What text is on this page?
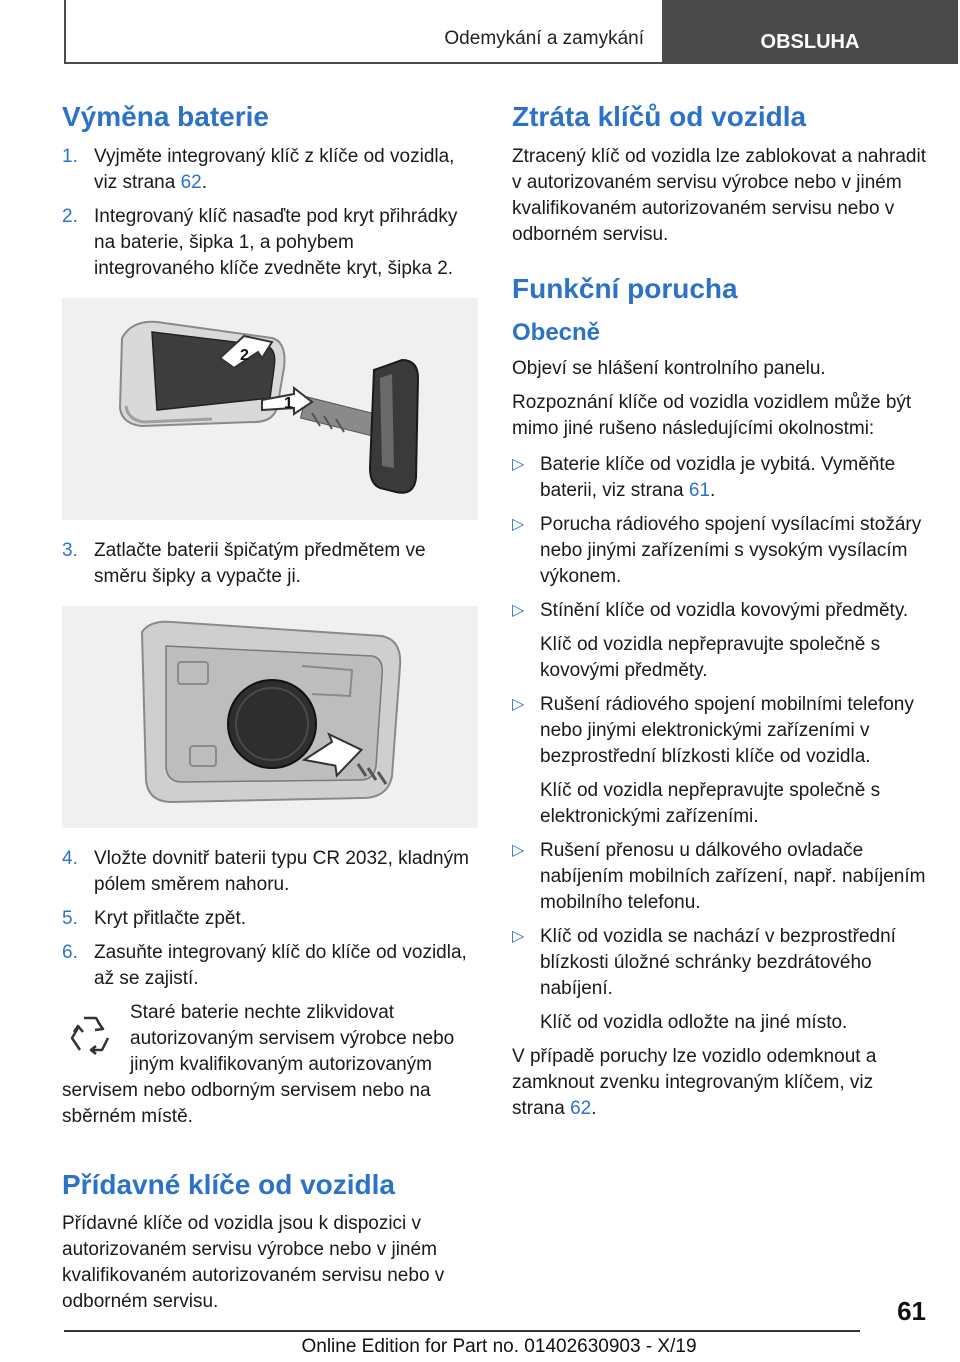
Odemykání a zamykání	OBSLUHA
Výměna baterie
1. Vyjměte integrovaný klíč z klíče od vozidla, viz strana 62.
2. Integrovaný klíč nasaďte pod kryt přihrádky na baterie, šipka 1, a pohybem integrovaného klíče zvedněte kryt, šipka 2.
2
1
3. Zatlačte baterii špičatým předmětem ve směru šipky a vypačte ji.
4. Vložte dovnitř baterii typu CR 2032, kladným pólem směrem nahoru.
5. Kryt přitlačte zpět.
6. Zasuňte integrovaný klíč do klíče od vozidla, až se zajistí.
Staré baterie nechte zlikvidovat autorizovaným servisem výrobce nebo jiným kvalifikovaným autorizovaným servisem nebo odborným servisem nebo na sběrném místě.
Přídavné klíče od vozidla

Přídavné klíče od vozidla jsou k dispozici v autorizovaném servisu výrobce nebo v jiném kvalifikovaném autorizovaném servisu nebo v odborném servisu.

Ztráta klíčů od vozidla

Ztracený klíč od vozidla lze zablokovat a nahradit v autorizovaném servisu výrobce nebo v jiném kvalifikovaném autorizovaném servisu nebo v odborném servisu.

Funkční porucha
Obecně

Objeví se hlášení kontrolního panelu.

Rozpoznání klíče od vozidla vozidlem může být mimo jiné rušeno následujícími okolnostmi:

▷ Baterie klíče od vozidla je vybitá. Vyměňte baterii, viz strana 61.
▷ Porucha rádiového spojení vysílacími stožáry nebo jinými zařízeními s vysokým vysílacím výkonem.
▷ Stínění klíče od vozidla kovovými předměty.
Klíč od vozidla nepřepravujte společně s kovovými předměty.
▷ Rušení rádiového spojení mobilními telefony nebo jinými elektronickými zařízeními v bezprostřední blízkosti klíče od vozidla.
Klíč od vozidla nepřepravujte společně s elektronickými zařízeními.
▷ Rušení přenosu u dálkového ovladače nabíjením mobilních zařízení, např. nabíjením mobilního telefonu.
▷ Klíč od vozidla se nachází v bezprostřední blízkosti úložné schránky bezdrátového nabíjení.
Klíč od vozidla odložte na jiné místo.

V případě poruchy lze vozidlo odemknout a zamknout zvenku integrovaným klíčem, viz strana 62.

61
Online Edition for Part no. 01402630903 - X/19
